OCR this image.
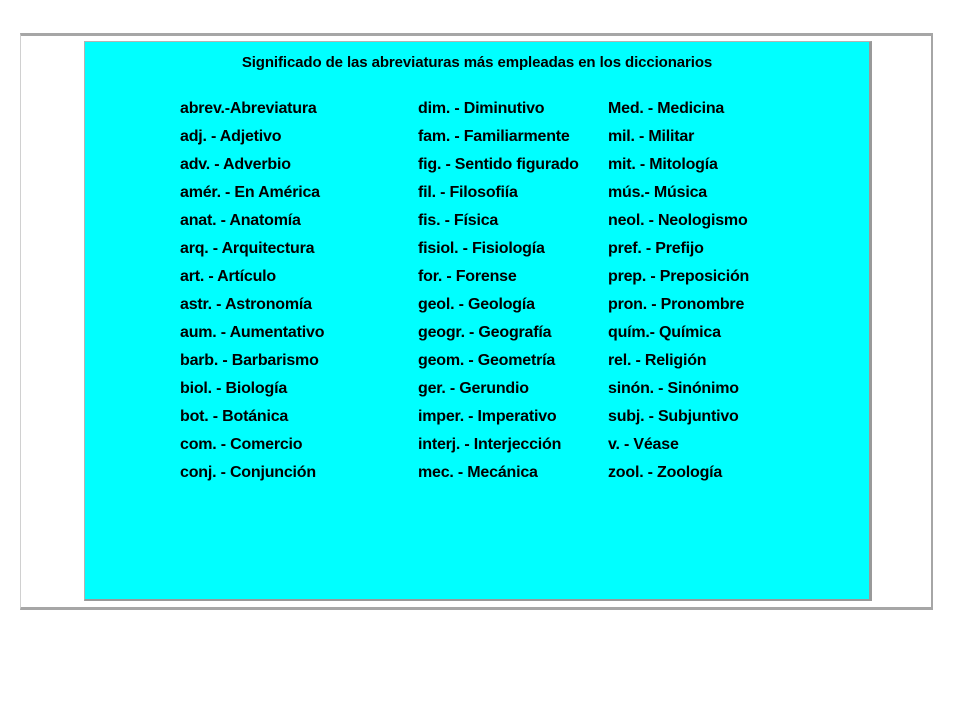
Significado de las abreviaturas más empleadas en los diccionarios
abrev.-Abreviatura
adj. - Adjetivo
adv. - Adverbio
amér. - En América
anat. - Anatomía
arq. - Arquitectura
art. - Artículo
astr. - Astronomía
aum. - Aumentativo
barb. - Barbarismo
biol. - Biología
bot. - Botánica
com. - Comercio
conj. - Conjunción
dim. - Diminutivo
fam. - Familiarmente
fig. - Sentido figurado
fil. - Filosofiía
fis. - Física
fisiol. - Fisiología
for. - Forense
geol. - Geología
geogr. - Geografía
geom. - Geometría
ger. - Gerundio
imper. - Imperativo
interj. - Interjección
mec. - Mecánica
Med. - Medicina
mil. - Militar
mit. - Mitología
mús.- Música
neol. - Neologismo
pref. - Prefijo
prep. - Preposición
pron. - Pronombre
quím.- Química
rel. - Religión
sinón. - Sinónimo
subj. - Subjuntivo
v. - Véase
zool. - Zoología
